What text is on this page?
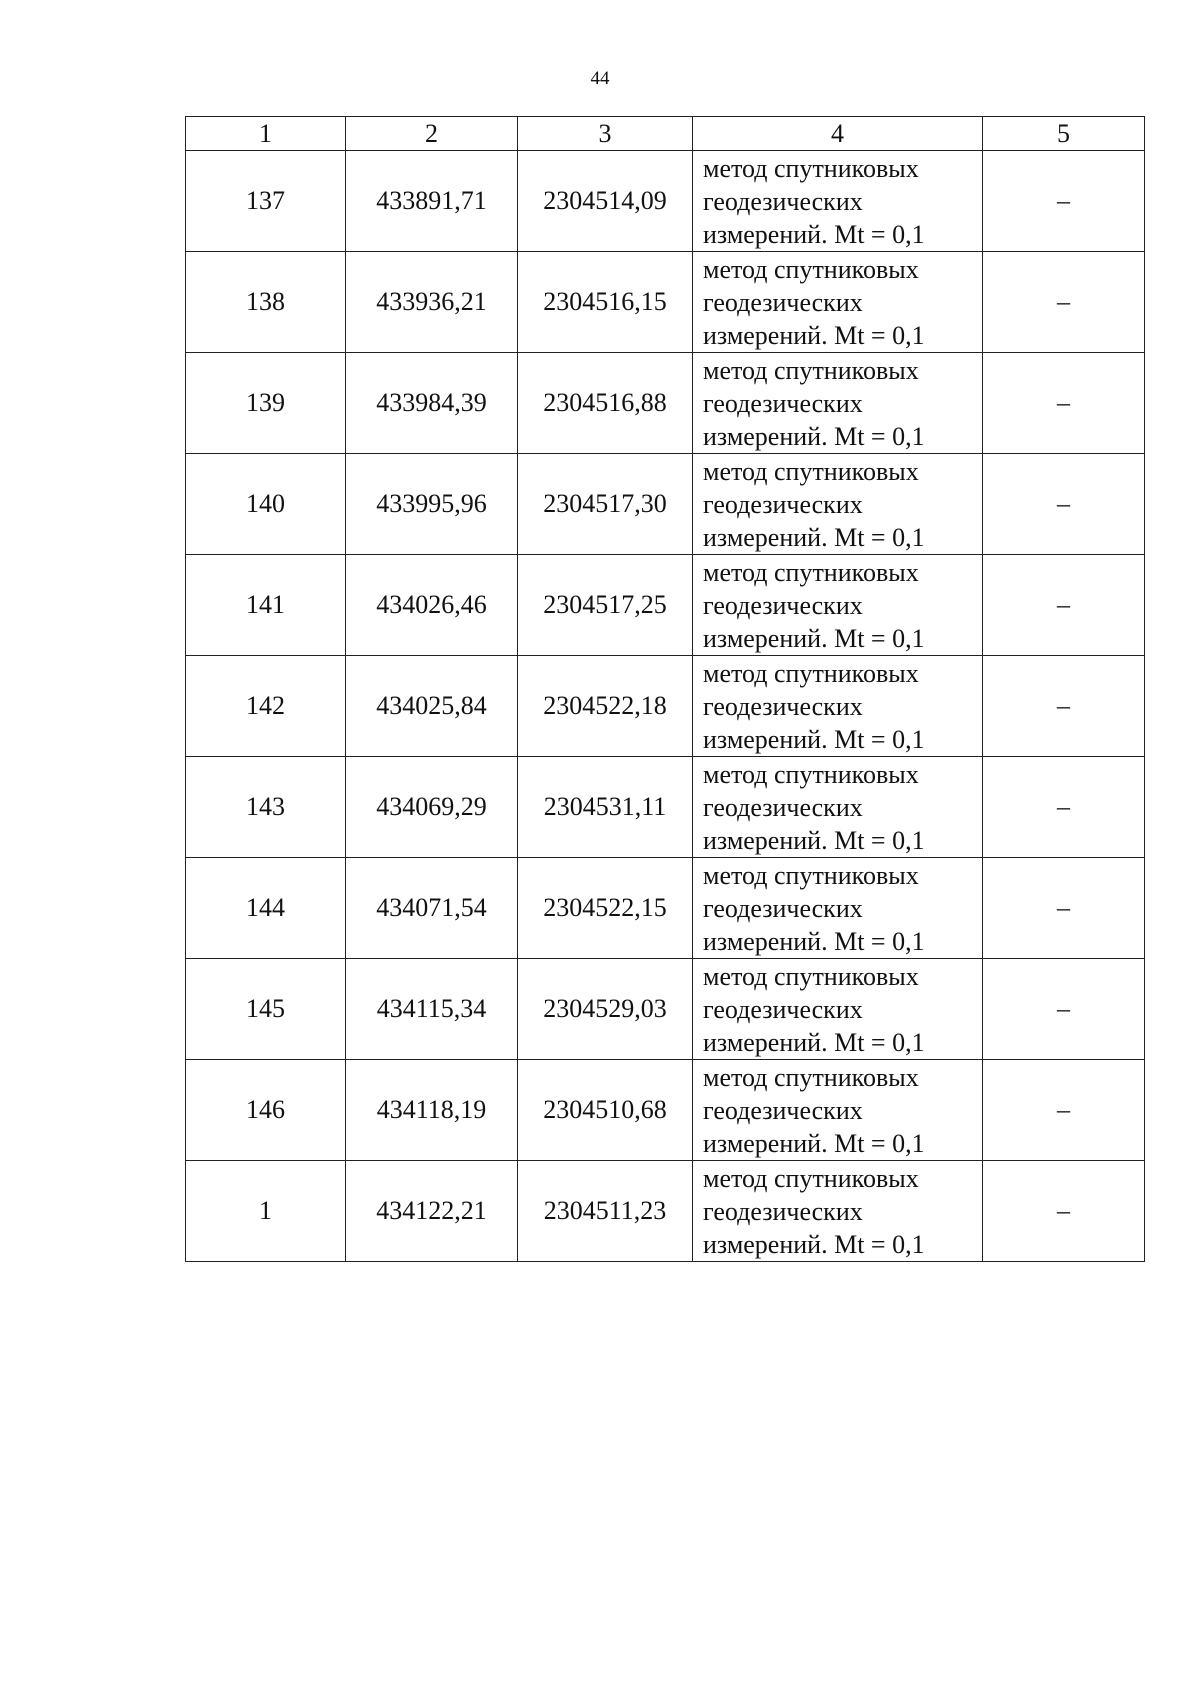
44
1	2	3	4	5
137	433891,71	2304514,09	метод спутниковых
геодезических
измерений. Mt = 0,1	–
138	433936,21	2304516,15	метод спутниковых
геодезических
измерений. Mt = 0,1	–
139	433984,39	2304516,88	метод спутниковых
геодезических
измерений. Mt = 0,1	–
140	433995,96	2304517,30	метод спутниковых
геодезических
измерений. Mt = 0,1	–
141	434026,46	2304517,25	метод спутниковых
геодезических
измерений. Mt = 0,1	–
142	434025,84	2304522,18	метод спутниковых
геодезических
измерений. Mt = 0,1	–
143	434069,29	2304531,11	метод спутниковых
геодезических
измерений. Mt = 0,1	–
144	434071,54	2304522,15	метод спутниковых
геодезических
измерений. Mt = 0,1	–
145	434115,34	2304529,03	метод спутниковых
геодезических
измерений. Mt = 0,1	–
146	434118,19	2304510,68	метод спутниковых
геодезических
измерений. Mt = 0,1	–
1	434122,21	2304511,23	метод спутниковых
геодезических
измерений. Mt = 0,1	–
